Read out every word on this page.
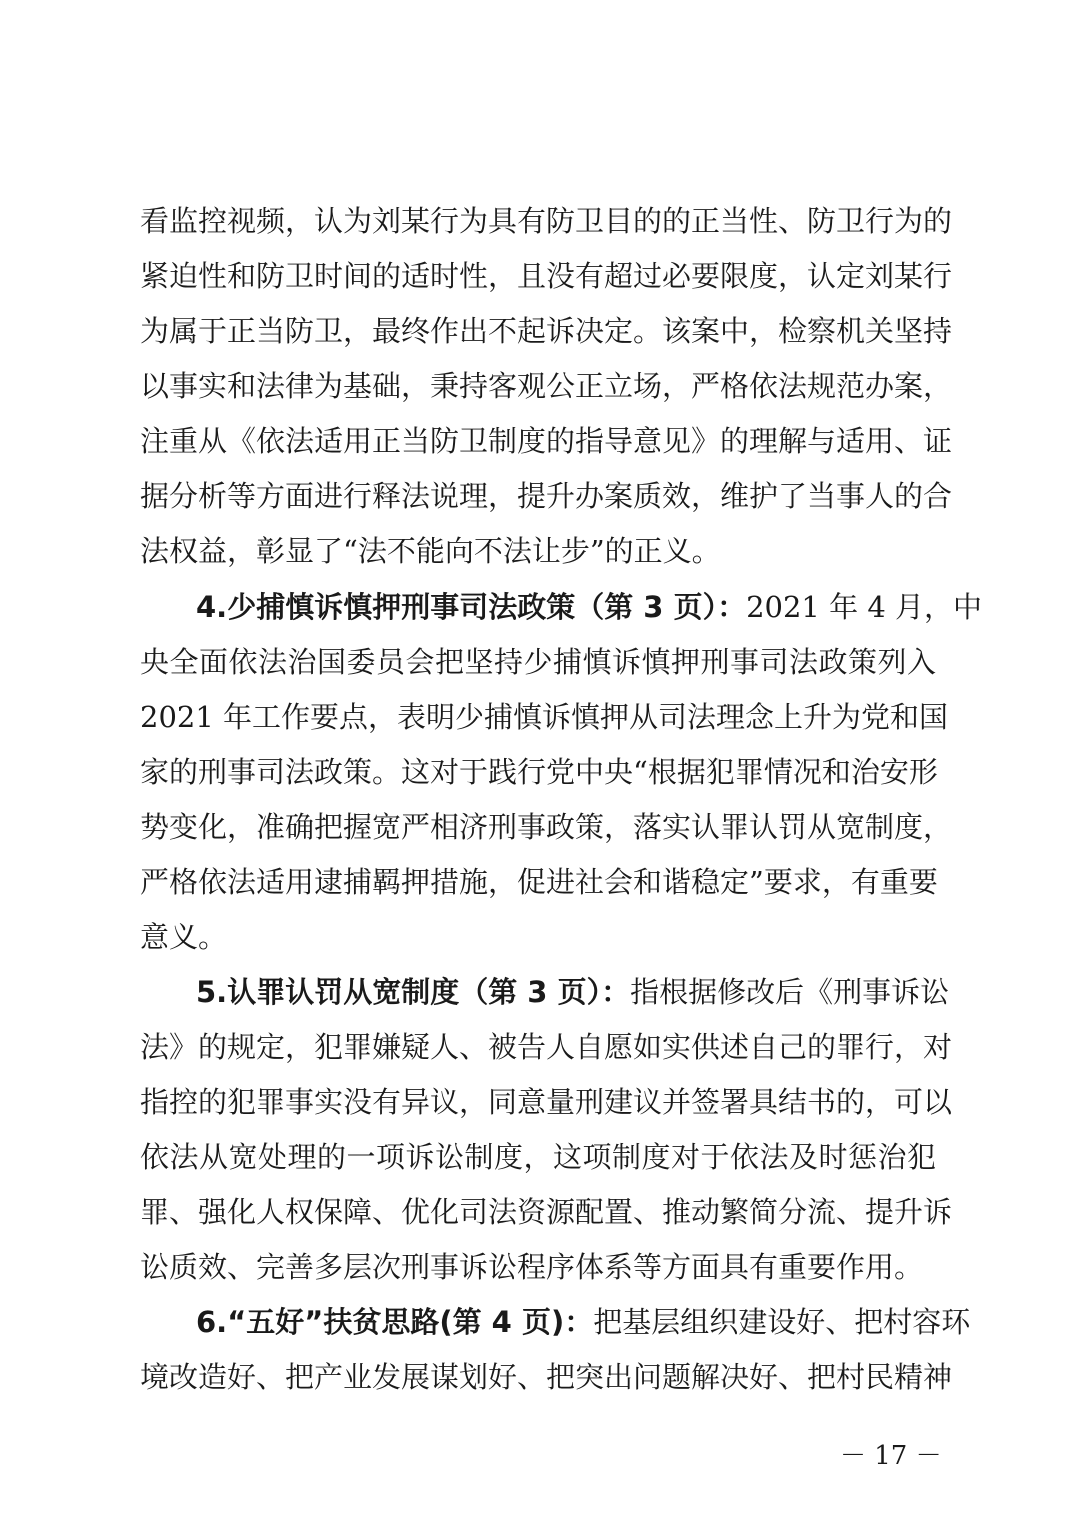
看监控视频，认为刘某行为具有防卫目的的正当性、防卫行为的
紧迫性和防卫时间的适时性，且没有超过必要限度，认定刘某行
为属于正当防卫，最终作出不起诉决定。该案中，检察机关坚持
以事实和法律为基础，秉持客观公正立场，严格依法规范办案，
注重从《依法适用正当防卫制度的指导意见》的理解与适用、证
据分析等方面进行释法说理，提升办案质效，维护了当事人的合
法权益，彰显了“法不能向不法让步”的正义。
4.少捕慎诉慎押刑事司法政策（第 3 页）：2021 年 4 月，中
央全面依法治国委员会把坚持少捕慎诉慎押刑事司法政策列入
2021 年工作要点，表明少捕慎诉慎押从司法理念上升为党和国
家的刑事司法政策。这对于践行党中央“根据犯罪情况和治安形
势变化，准确把握宽严相济刑事政策，落实认罪认罚从宽制度，
严格依法适用逮捕羁押措施，促进社会和谐稳定”要求，有重要
意义。
5.认罪认罚从宽制度（第 3 页）：指根据修改后《刑事诉讼
法》的规定，犯罪嫌疑人、被告人自愿如实供述自己的罪行，对
指控的犯罪事实没有异议，同意量刑建议并签署具结书的，可以
依法从宽处理的一项诉讼制度，这项制度对于依法及时惩治犯
罪、强化人权保障、优化司法资源配置、推动繁简分流、提升诉
讼质效、完善多层次刑事诉讼程序体系等方面具有重要作用。
6.“五好”扶贫思路(第 4 页)：把基层组织建设好、把村容环
境改造好、把产业发展谋划好、把突出问题解决好、把村民精神
－ 17 －
